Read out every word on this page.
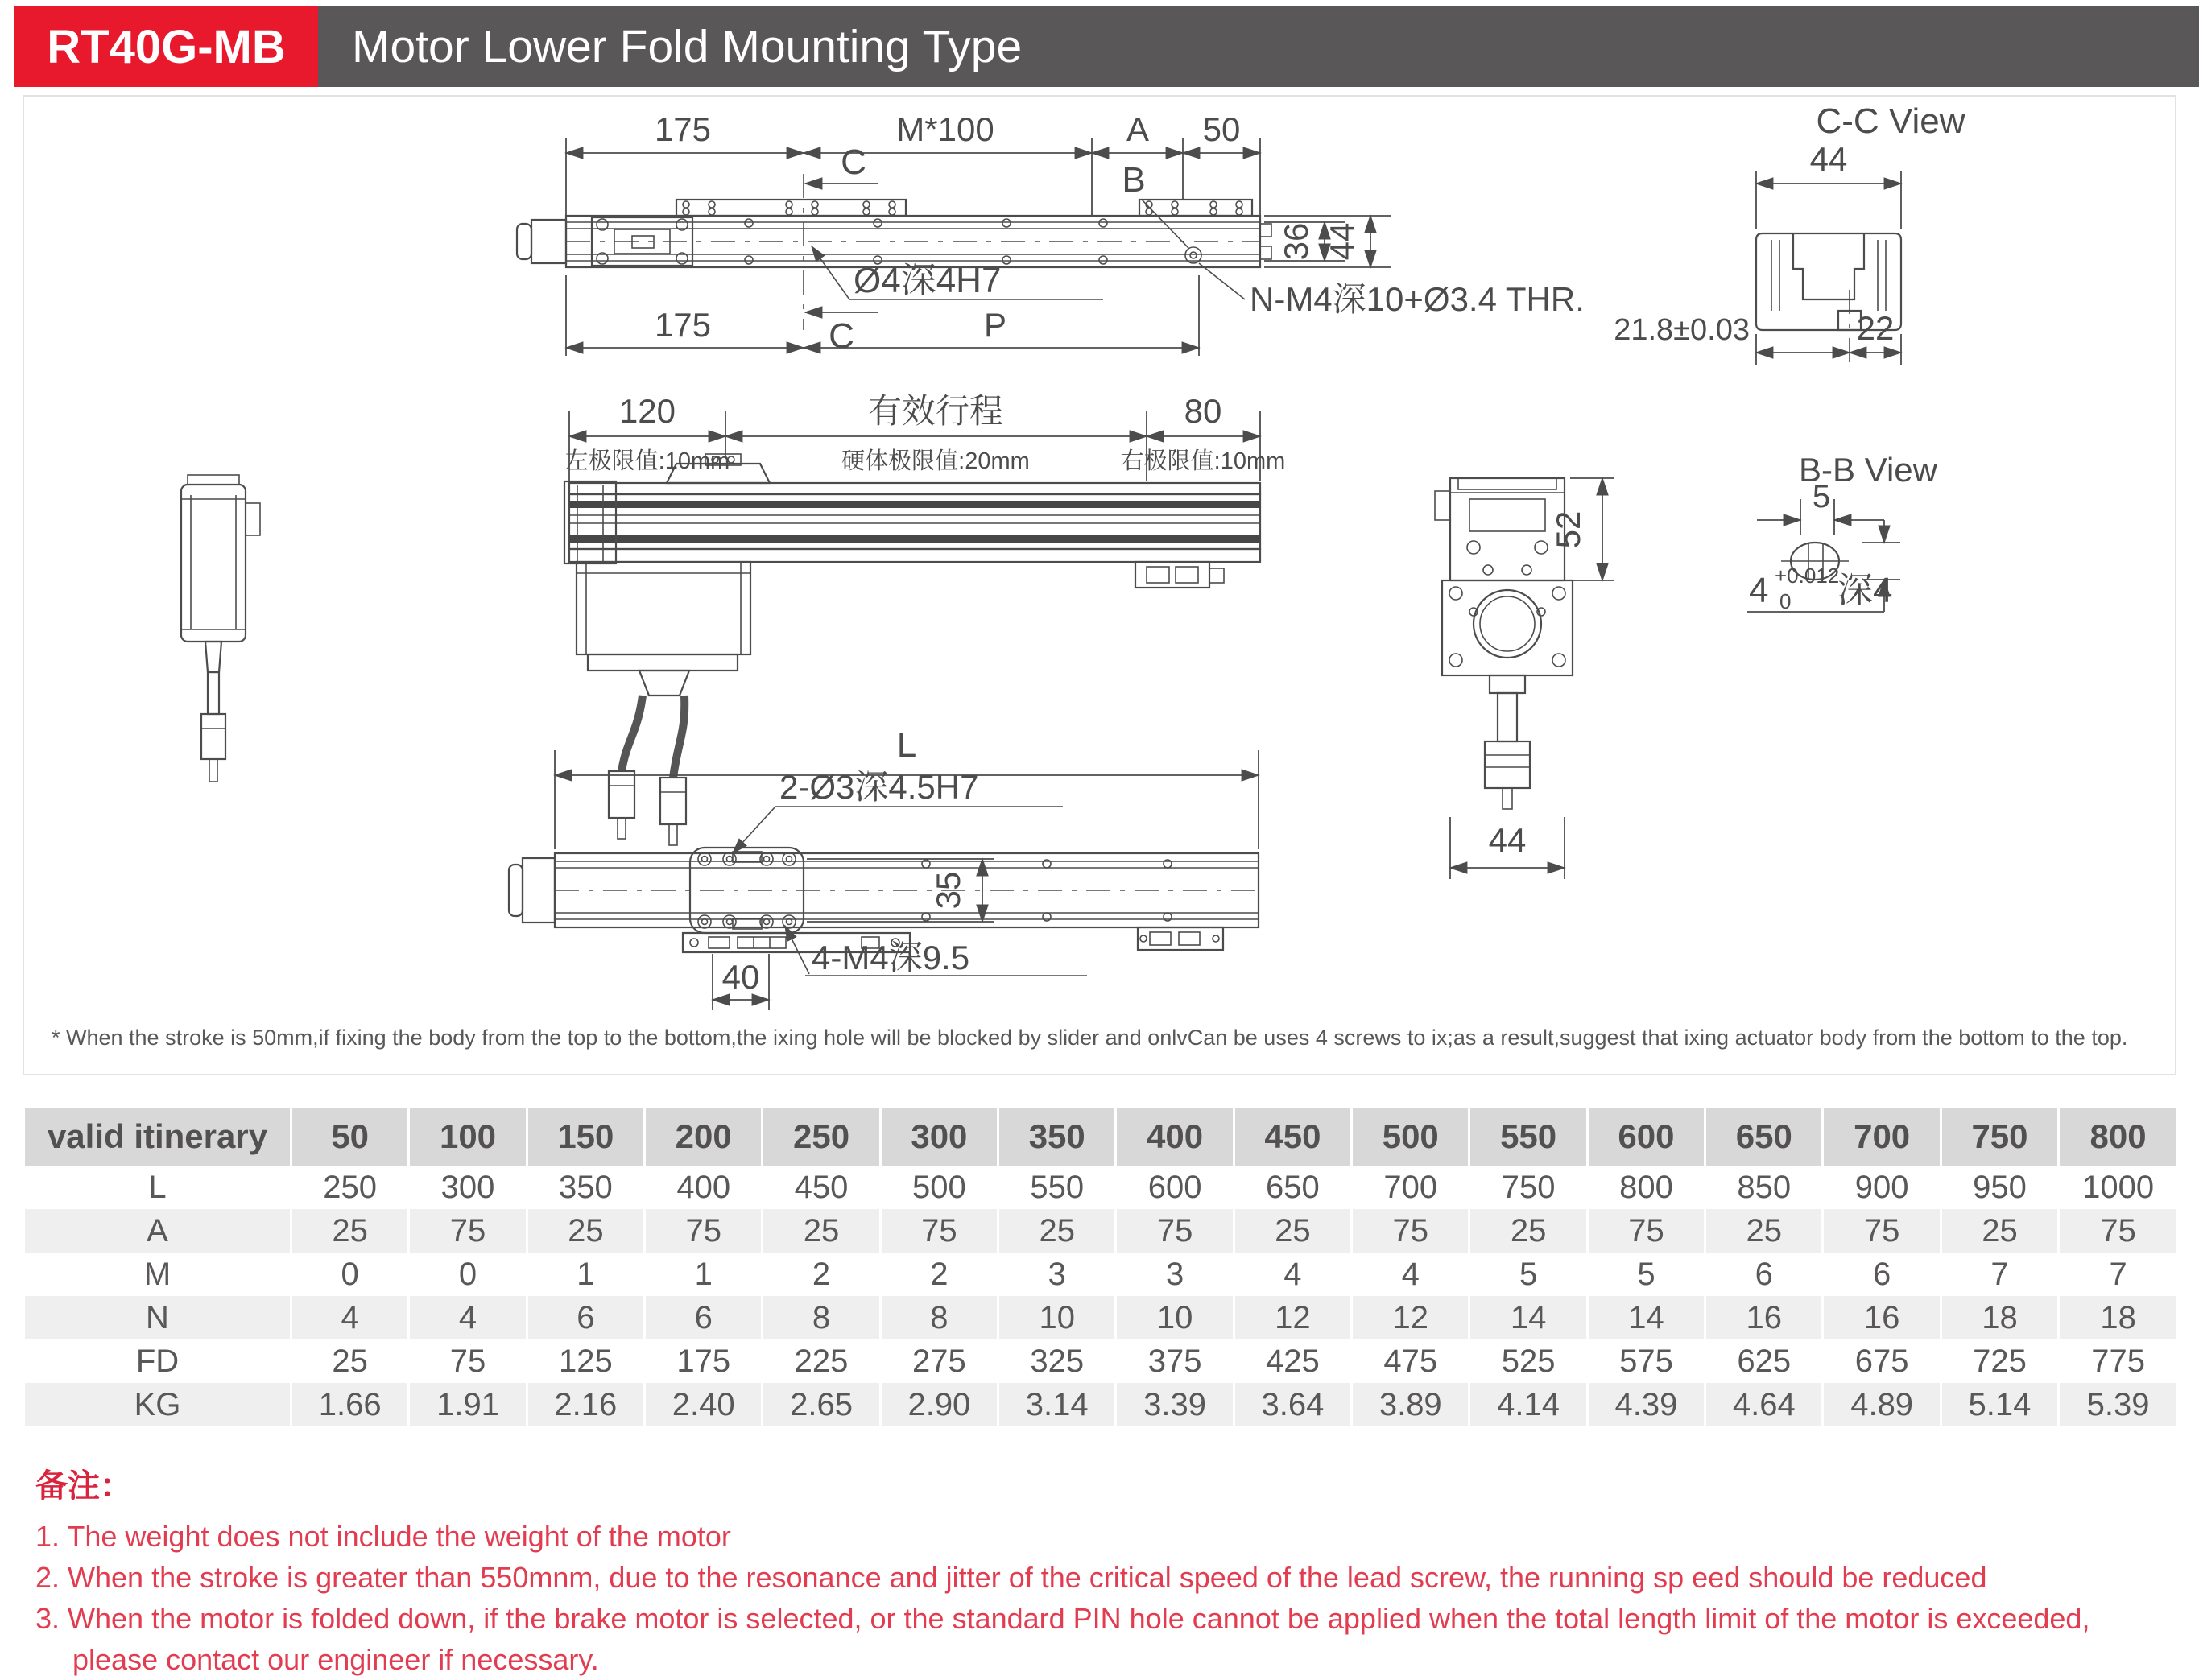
RT40G-MB	Motor Lower Fold Mounting Type
175	M*100	A 50
C
C
B
N-M4深10+Ø3.4 THR.
Ø4深4H7
175	P
36 44
C-C View
44
21.8±0.03	22
120	有效行程	80
左极限值:10mm	硬体极限值:20mm	右极限值:10mm
52
44
B-B View
5
4 +0.012
0 深4
L
2-Ø3深4.5H7
4-M4深9.5
35
40
* When the stroke is 50mm,if fixing the body from the top to the bottom,the ixing hole will be blocked by slider and onlvCan be uses 4 screws to ix;as a result,suggest that ixing actuator body from the bottom to the top.
valid itinerary	50	100	150	200	250	300	350	400	450	500	550	600	650	700	750	800
L	250	300	350	400	450	500	550	600	650	700	750	800	850	900	950	1000
A	25	75	25	75	25	75	25	75	25	75	25	75	25	75	25	75
M	0	0	1	1	2	2	3	3	4	4	5	5	6	6	7	7
N	4	4	6	6	8	8	10	10	12	12	14	14	16	16	18	18
FD	25	75	125	175	225	275	325	375	425	475	525	575	625	675	725	775
KG	1.66	1.91	2.16	2.40	2.65	2.90	3.14	3.39	3.64	3.89	4.14	4.39	4.64	4.89	5.14	5.39
备注：
1. The weight does not include the weight of the motor
2. When the stroke is greater than 550mnm, due to the resonance and jitter of the critical speed of the lead screw, the running sp eed should be reduced
3. When the motor is folded down, if the brake motor is selected, or the standard PIN hole cannot be applied when the total length limit of the motor is exceeded,
please contact our engineer if necessary.
